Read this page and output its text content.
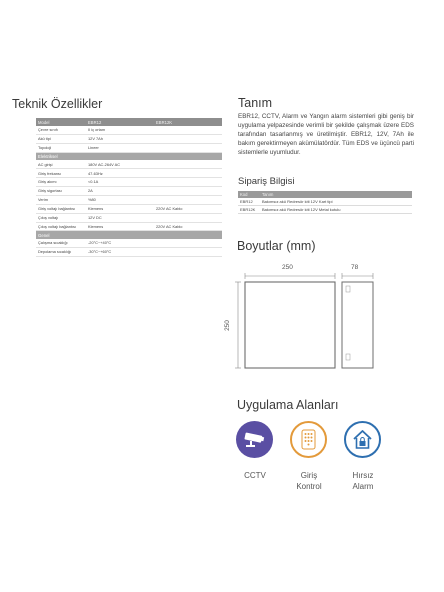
Teknik Özellikler
Model	EBR12	EBR12K
Çevre sınıfı	II iç ortam
Akü tipi	12V 7Ah
Topoloji	Lineer
Elektriksel
AC girişi	180V AC-264V AC
Giriş frekansı	47-63Hz
Giriş akımı	<0.1A
Giriş sigortası	2A
Verim	%80
Giriş voltajı bağlantısı	Klemens	220V AC Kablo
Çıkış voltajı	12V DC
Çıkış voltajı bağlantısı	Klemens	220V AC Kablo
Genel
Çalışma sıcaklığı	-20°C~+40°C
Depolama sıcaklığı	-30°C~+60°C
Tanım
EBR12, CCTV, Alarm ve Yangın alarm sistemleri gibi geniş bir uygulama yelpazesinde verimli bir şekilde çalışmak üzere EDS tarafından tasarlanmış ve üretilmiştir. EBR12, 12V, 7Ah ile bakım gerektirmeyen akümülatördür. Tüm EDS ve üçüncü parti sistemlerle uyumludur.
Sipariş Bilgisi
Kod	Tanım
EBR12	Bakımsız akü Redresör kiti 12V Kart tipi
EBR12K	Bakımsız akü Redresör kiti 12V Metal kutulu
Boyutlar (mm)
250	78
250
Uygulama Alanları
CCTV	Giriş
Kontrol
Hırsız
Alarm
